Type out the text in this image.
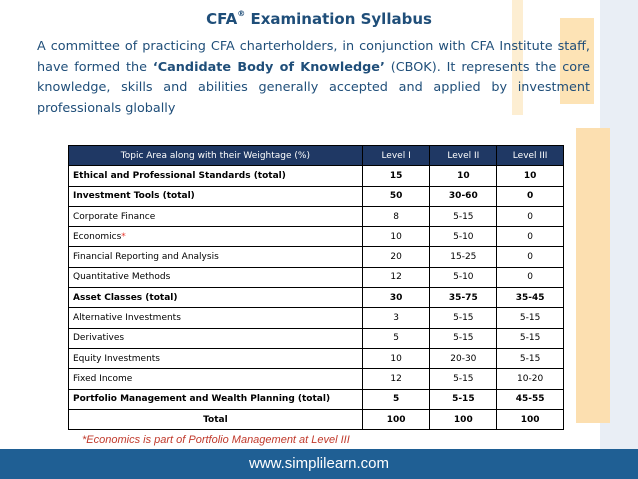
CFA® Examination Syllabus
A committee of practicing CFA charterholders, in conjunction with CFA Institute staff, have formed the ‘Candidate Body of Knowledge’ (CBOK). It represents the core knowledge, skills and abilities generally accepted and applied by investment professionals globally
Topic Area along with their Weightage (%)	Level I	Level II	Level III
Ethical and Professional Standards (total)	15	10	10
Investment Tools (total)	50	30-60	0
Corporate Finance	8	5-15	0
Economics*	10	5-10	0
Financial Reporting and Analysis	20	15-25	0
Quantitative Methods	12	5-10	0
Asset Classes (total)	30	35-75	35-45
Alternative Investments	3	5-15	5-15
Derivatives	5	5-15	5-15
Equity Investments	10	20-30	5-15
Fixed Income	12	5-15	10-20
Portfolio Management and Wealth Planning (total)	5	5-15	45-55
Total	100	100	100
*Economics is part of Portfolio Management at Level III
www.simplilearn.com
